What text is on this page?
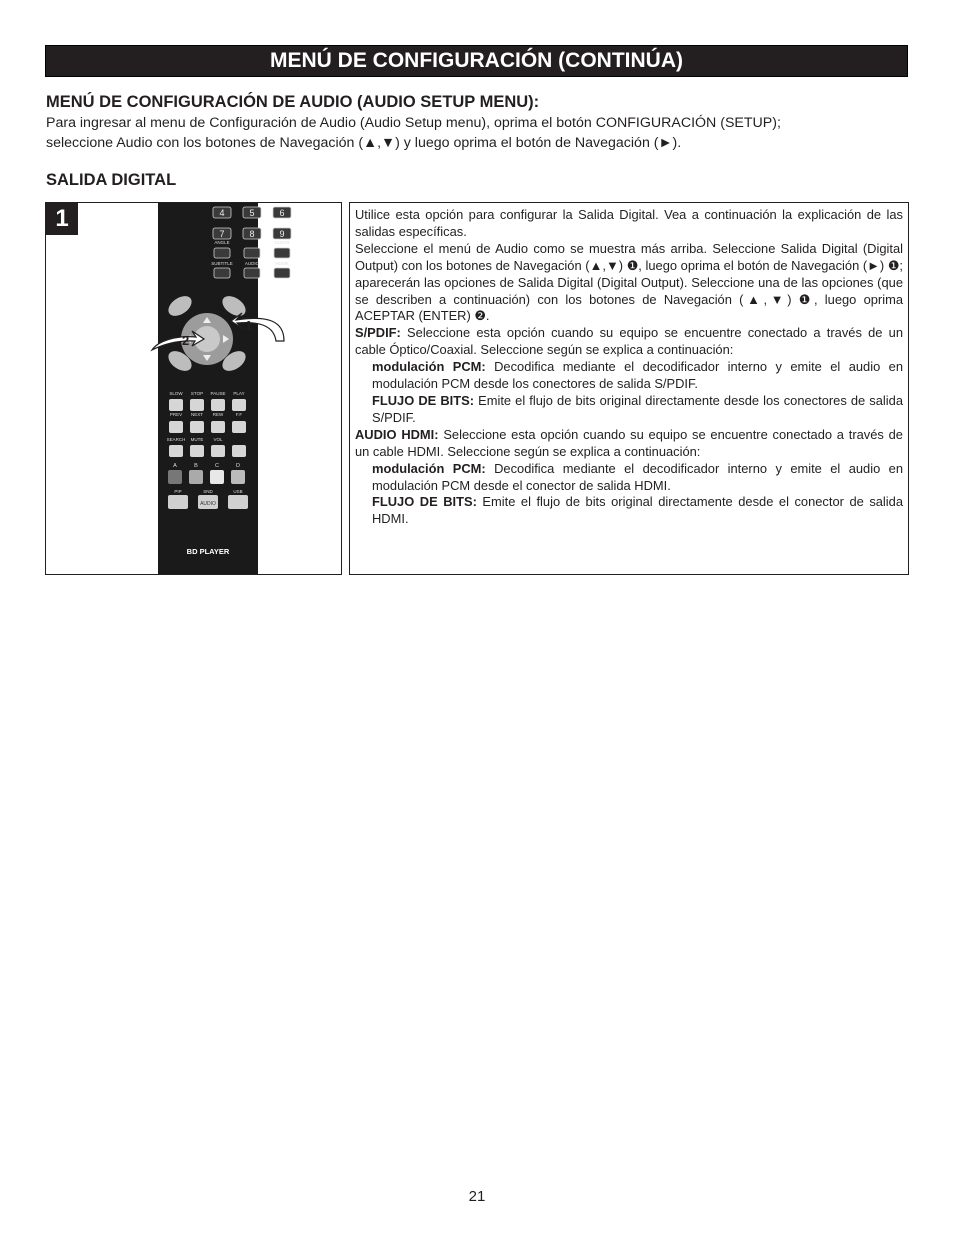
MENÚ DE CONFIGURACIÓN (CONTINÚA)
MENÚ DE CONFIGURACIÓN DE AUDIO (AUDIO SETUP MENU):
Para ingresar al menu de Configuración de Audio (Audio Setup menu), oprima el botón CONFIGURACIÓN (SETUP);
seleccione Audio con los botones de Navegación (▲,▼) y luego oprima el botón de Navegación (►).
SALIDA DIGITAL
4	5	6
7	8	9
ANGLE	CLEAR
SUBTITLE	AUDIO	HOME
1
2
SLOW STOP PAUSE PLAY
PREV NEXT REW	F.F
SEARCH MUTE VOL
A	B	C	D
PIP	SND	USB
AUDIO
BD PLAYER
1	Utilice esta opción para configurar la Salida Digital. Vea a continuación la explicación de las salidas específicas.

Seleccione el menú de Audio como se muestra más arriba. Seleccione Salida Digital (Digital Output) con los botones de Navegación (▲,▼) ❶, luego oprima el botón de Navegación (►) ❶; aparecerán las opciones de Salida Digital (Digital Output). Seleccione una de las opciones (que se describen a continuación) con los botones de Navegación (▲,▼) ❶, luego oprima ACEPTAR (ENTER) ❷.

S/PDIF: Seleccione esta opción cuando su equipo se encuentre conectado a través de un cable Óptico/Coaxial. Seleccione según se explica a continuación:

modulación PCM: Decodifica mediante el decodificador interno y emite el audio en modulación PCM desde los conectores de salida S/PDIF.

FLUJO DE BITS: Emite el flujo de bits original directamente desde los conectores de salida S/PDIF.

AUDIO HDMI: Seleccione esta opción cuando su equipo se encuentre conectado a través de un cable HDMI. Seleccione según se explica a continuación:

modulación PCM: Decodifica mediante el decodificador interno y emite el audio en modulación PCM desde el conector de salida HDMI.

FLUJO DE BITS: Emite el flujo de bits original directamente desde el conector de salida HDMI.

21
